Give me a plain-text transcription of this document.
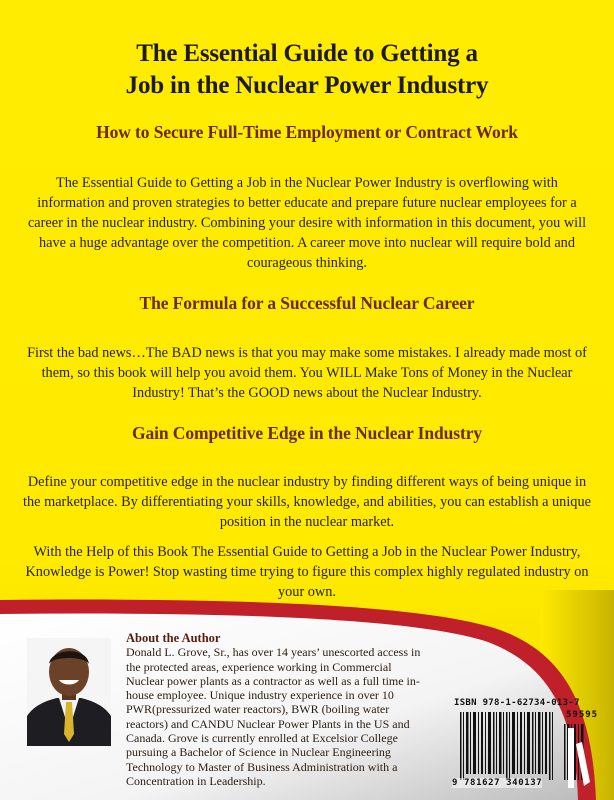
The Essential Guide to Getting a
Job in the Nuclear Power Industry
How to Secure Full-Time Employment or Contract Work
The Essential Guide to Getting a Job in the Nuclear Power Industry is overflowing with information and proven strategies to better educate and prepare future nuclear employees for a career in the nuclear industry. Combining your desire with information in this document, you will have a huge advantage over the competition. A career move into nuclear will require bold and courageous thinking.
The Formula for a Successful Nuclear Career
First the bad news…The BAD news is that you may make some mistakes. I already made most of them, so this book will help you avoid them. You WILL Make Tons of Money in the Nuclear Industry! That’s the GOOD news about the Nuclear Industry.
Gain Competitive Edge in the Nuclear Industry
Define your competitive edge in the nuclear industry by finding different ways of being unique in the marketplace. By differentiating your skills, knowledge, and abilities, you can establish a unique position in the nuclear market.
With the Help of this Book The Essential Guide to Getting a Job in the Nuclear Power Industry, Knowledge is Power! Stop wasting time trying to figure this complex highly regulated industry on your own.
About the Author
Donald L. Grove, Sr., has over 14 years’ unescorted access in the protected areas, experience working in Commercial Nuclear power plants as a contractor as well as a full time in-house employee. Unique industry experience in over 10 PWR(pressurized water reactors), BWR (boiling water reactors) and CANDU Nuclear Power Plants in the US and Canada. Grove is currently enrolled at Excelsior College pursuing a Bachelor of Science in Nuclear Engineering Technology to Master of Business Administration with a Concentration in Leadership.
ISBN 978-1-62734-013-7
59595
9 781627 340137
